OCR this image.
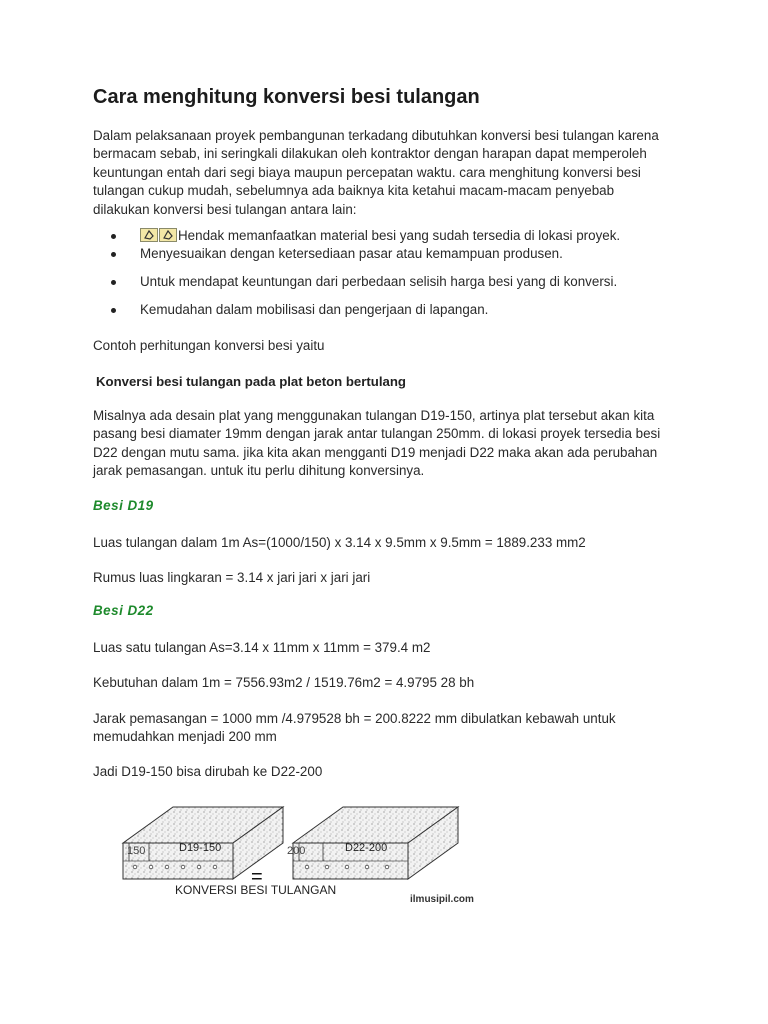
Cara menghitung konversi besi tulangan

Dalam pelaksanaan proyek pembangunan terkadang dibutuhkan konversi besi tulangan karena
bermacam sebab, ini seringkali dilakukan oleh kontraktor dengan harapan dapat memperoleh
keuntungan entah dari segi biaya maupun percepatan waktu. cara menghitung konversi besi
tulangan cukup mudah, sebelumnya ada baiknya kita ketahui macam-macam penyebab
dilakukan konversi besi tulangan antara lain:

Hendak memanfaatkan material besi yang sudah tersedia di lokasi proyek.
Menyesuaikan dengan ketersediaan pasar atau kemampuan produsen.
Untuk mendapat keuntungan dari perbedaan selisih harga besi yang di konversi.
Kemudahan dalam mobilisasi dan pengerjaan di lapangan.

Contoh perhitungan konversi besi yaitu

Konversi besi tulangan pada plat beton bertulang

Misalnya ada desain plat yang menggunakan tulangan D19-150, artinya plat tersebut akan kita
pasang besi diamater 19mm dengan jarak antar tulangan 250mm. di lokasi proyek tersedia besi
D22 dengan mutu sama. jika kita akan mengganti D19 menjadi D22 maka akan ada perubahan
jarak pemasangan. untuk itu perlu dihitung konversinya.

Besi D19

Luas tulangan dalam 1m As=(1000/150) x 3.14 x 9.5mm x 9.5mm = 1889.233 mm2

Rumus luas lingkaran = 3.14 x jari jari x jari jari

Besi D22

Luas satu tulangan As=3.14 x 11mm x 11mm = 379.4 m2

Kebutuhan dalam 1m = 7556.93m2 / 1519.76m2 = 4.9795 28 bh

Jarak pemasangan = 1000 mm /4.979528 bh = 200.8222 mm dibulatkan kebawah untuk
memudahkan menjadi 200 mm

Jadi D19-150 bisa dirubah ke D22-200

150	D19-150	200	D22-200
=
KONVERSI BESI TULANGAN
ilmusipil.com
